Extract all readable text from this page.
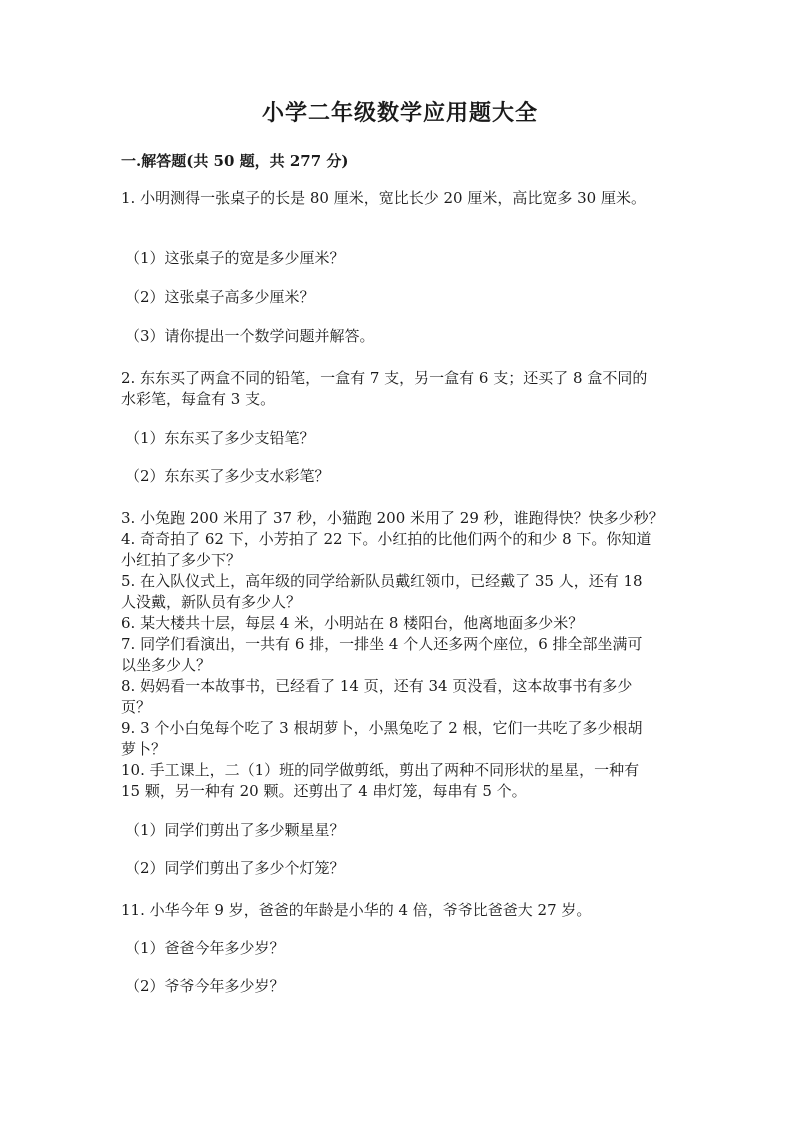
小学二年级数学应用题大全
一.解答题(共 50 题，共 277 分)
1. 小明测得一张桌子的长是 80 厘米，宽比长少 20 厘米，高比宽多 30 厘米。
（1）这张桌子的宽是多少厘米？
（2）这张桌子高多少厘米？
（3）请你提出一个数学问题并解答。
2. 东东买了两盒不同的铅笔，一盒有 7 支，另一盒有 6 支；还买了 8 盒不同的
水彩笔，每盒有 3 支。
（1）东东买了多少支铅笔？
（2）东东买了多少支水彩笔？
3. 小兔跑 200 米用了 37 秒，小猫跑 200 米用了 29 秒，谁跑得快？快多少秒？
4. 奇奇拍了 62 下，小芳拍了 22 下。小红拍的比他们两个的和少 8 下。你知道
小红拍了多少下？
5. 在入队仪式上，高年级的同学给新队员戴红领巾，已经戴了 35 人，还有 18
人没戴，新队员有多少人？
6. 某大楼共十层，每层 4 米，小明站在 8 楼阳台，他离地面多少米？
7. 同学们看演出，一共有 6 排，一排坐 4 个人还多两个座位，6 排全部坐满可
以坐多少人？
8. 妈妈看一本故事书，已经看了 14 页，还有 34 页没看，这本故事书有多少
页？
9. 3 个小白兔每个吃了 3 根胡萝卜，小黑兔吃了 2 根，它们一共吃了多少根胡
萝卜？
10. 手工课上，二（1）班的同学做剪纸，剪出了两种不同形状的星星，一种有
15 颗，另一种有 20 颗。还剪出了 4 串灯笼，每串有 5 个。
（1）同学们剪出了多少颗星星？
（2）同学们剪出了多少个灯笼？
11. 小华今年 9 岁，爸爸的年龄是小华的 4 倍，爷爷比爸爸大 27 岁。
（1）爸爸今年多少岁？
（2）爷爷今年多少岁？
